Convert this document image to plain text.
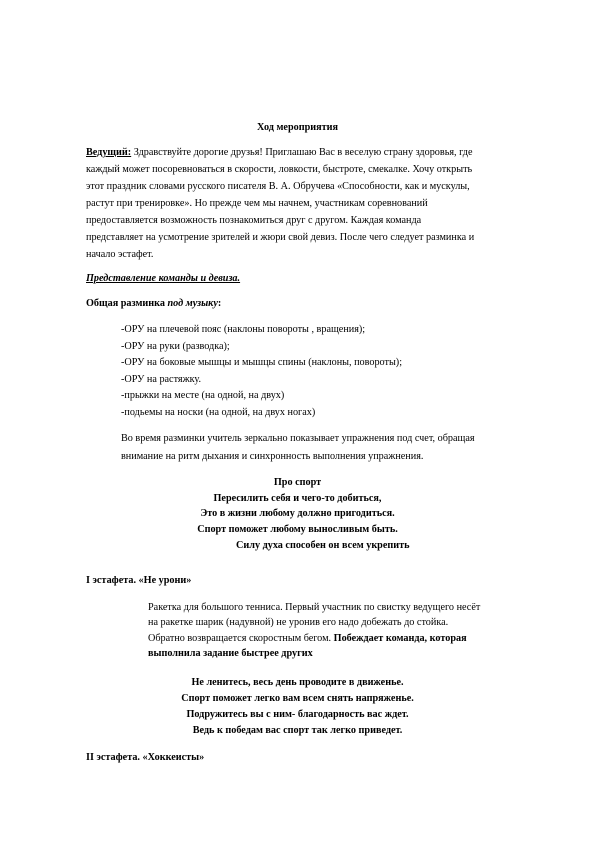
Ход мероприятия
Ведущий: Здравствуйте дорогие друзья! Приглашаю Вас в веселую страну здоровья, где
каждый может посоревноваться в скорости, ловкости, быстроте, смекалке. Хочу открыть
этот праздник словами русского писателя В. А. Обручева «Способности, как и мускулы,
растут при тренировке». Но прежде чем мы начнем, участникам соревнований
предоставляется возможность познакомиться друг с другом. Каждая команда
представляет на усмотрение зрителей и жюри свой девиз. После чего следует разминка и
начало эстафет.
Представление команды и девиза.
Общая разминка под музыку:
-ОРУ на плечевой пояс (наклоны повороты , вращения);
-ОРУ на руки (разводка);
-ОРУ на боковые мышцы и мышцы спины (наклоны, повороты);
-ОРУ на растяжку.
-прыжки на месте (на одной, на двух)
-подьемы на носки (на одной, на двух ногах)
Во время разминки учитель зеркально показывает упражнения под счет, обращая
внимание на ритм дыхания и синхронность выполнения упражнения.
Про спорт
Пересилить себя и чего-то добиться,
Это в жизни любому должно пригодиться.
Спорт поможет любому выносливым быть.
Силу духа способен он всем укрепить
I эстафета. «Не урони»
Ракетка для большого тенниса. Первый участник по свистку ведущего несёт
на ракетке шарик (надувной) не уронив его надо добежать до стойка.
Обратно возвращается скоростным бегом. Побеждает команда, которая
выполнила задание быстрее других
Не ленитесь, весь день проводите в движенье.
Спорт поможет легко вам всем снять напряженье.
Подружитесь вы с ним- благодарность вас ждет.
Ведь к победам вас спорт так легко приведет.
II эстафета. «Хоккеисты»
